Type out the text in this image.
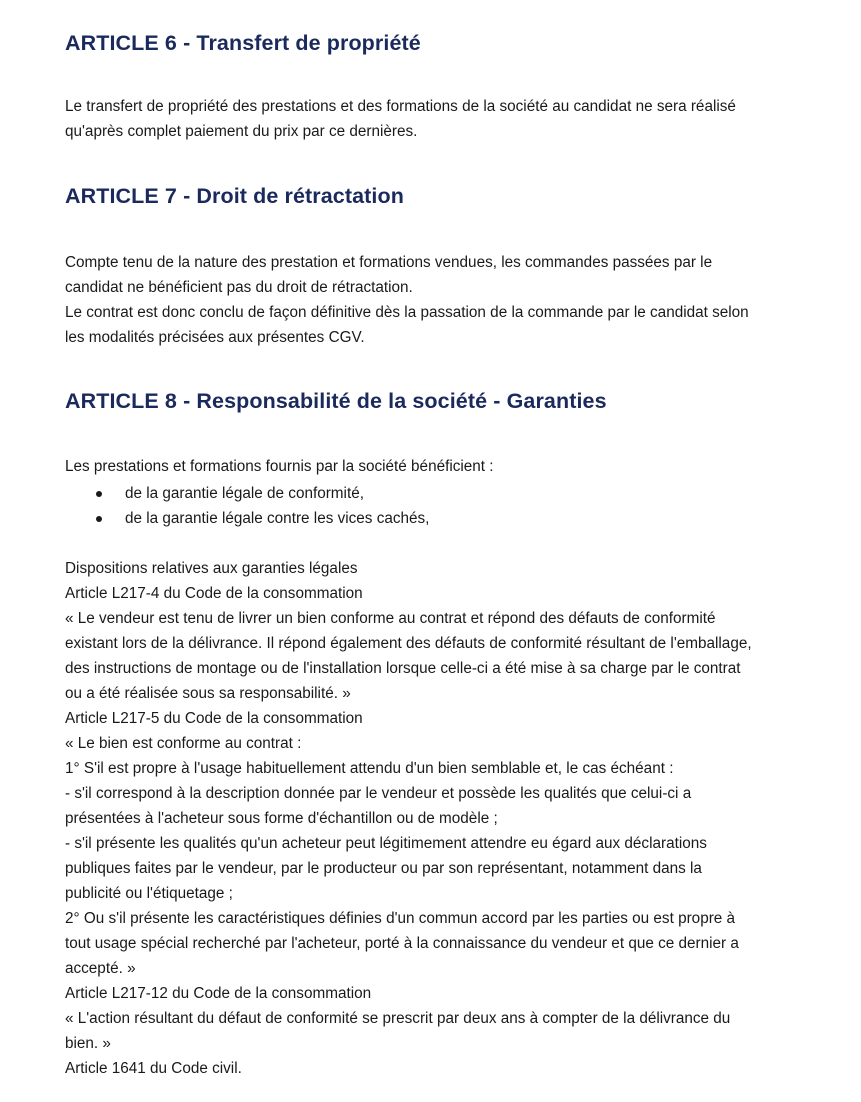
ARTICLE 6 - Transfert de propriété
Le transfert de propriété des prestations et des formations de la société au candidat ne sera réalisé
qu'après complet paiement du prix par ce dernières.
ARTICLE 7 - Droit de rétractation
Compte tenu de la nature des prestation et formations vendues, les commandes passées par le
candidat ne bénéficient pas du droit de rétractation.
Le contrat est donc conclu de façon définitive dès la passation de la commande par le candidat selon
les modalités précisées aux présentes CGV.
ARTICLE 8 - Responsabilité de la société - Garanties
Les prestations et formations fournis par la société bénéficient :
de la garantie légale de conformité,
de la garantie légale contre les vices cachés,
Dispositions relatives aux garanties légales
Article L217-4 du Code de la consommation
« Le vendeur est tenu de livrer un bien conforme au contrat et répond des défauts de conformité
existant lors de la délivrance. Il répond également des défauts de conformité résultant de l'emballage,
des instructions de montage ou de l'installation lorsque celle-ci a été mise à sa charge par le contrat
ou a été réalisée sous sa responsabilité. »
Article L217-5 du Code de la consommation
« Le bien est conforme au contrat :
1° S'il est propre à l'usage habituellement attendu d'un bien semblable et, le cas échéant :
- s'il correspond à la description donnée par le vendeur et possède les qualités que celui-ci a
présentées à l'acheteur sous forme d'échantillon ou de modèle ;
- s'il présente les qualités qu'un acheteur peut légitimement attendre eu égard aux déclarations
publiques faites par le vendeur, par le producteur ou par son représentant, notamment dans la
publicité ou l'étiquetage ;
2° Ou s'il présente les caractéristiques définies d'un commun accord par les parties ou est propre à
tout usage spécial recherché par l'acheteur, porté à la connaissance du vendeur et que ce dernier a
accepté. »
Article L217-12 du Code de la consommation
« L'action résultant du défaut de conformité se prescrit par deux ans à compter de la délivrance du
bien. »
Article 1641 du Code civil.
